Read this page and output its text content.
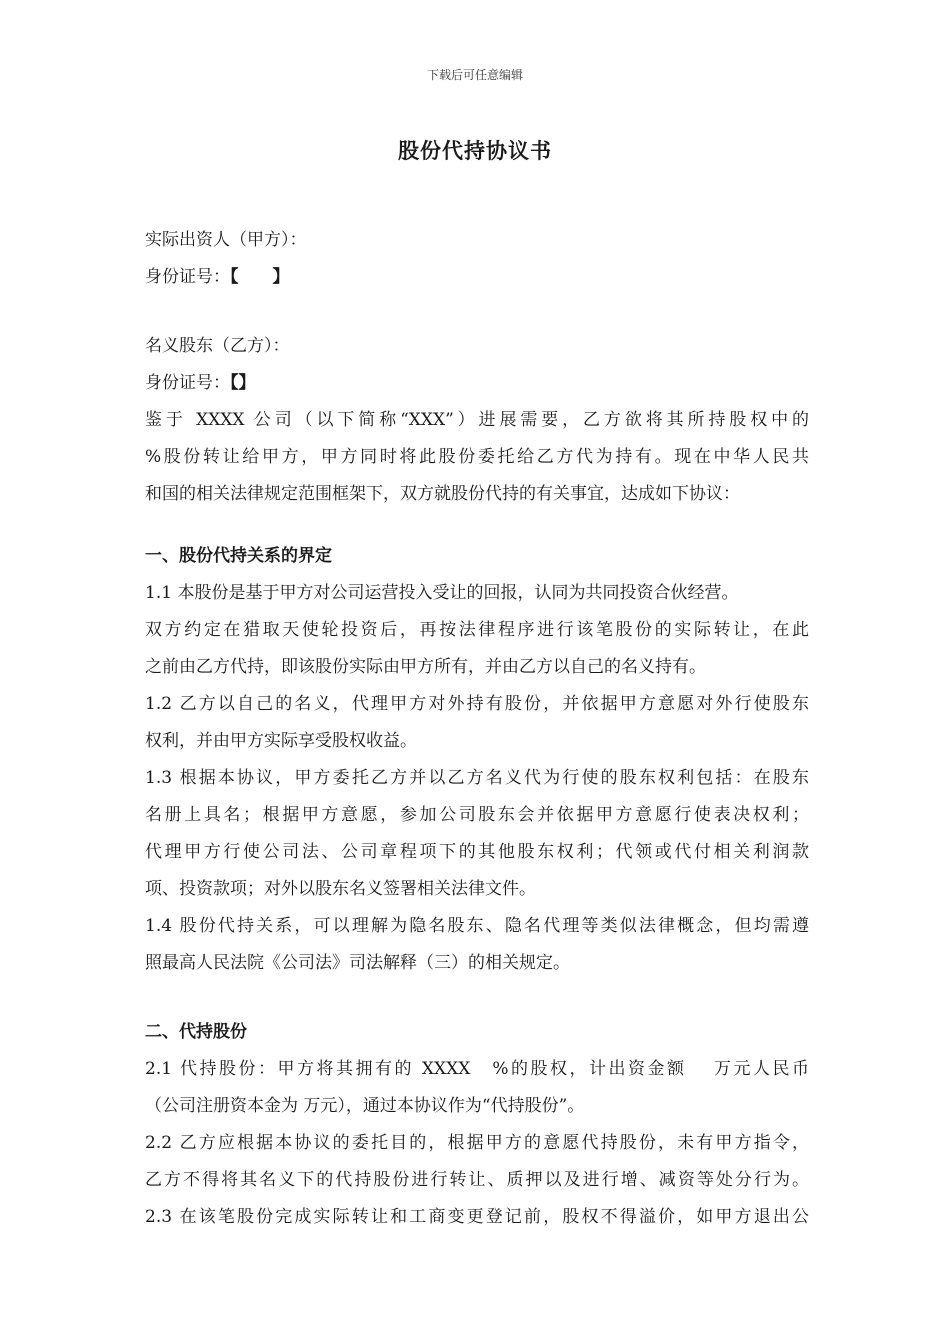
下载后可任意编辑
股份代持协议书
实际出资人（甲方）：
身份证号：【　　】
名义股东（乙方）：
身份证号：【】
鉴于 XXXX 公司（以下简称“XXX”）进展需要，乙方欲将其所持股权中的
%股份转让给甲方，甲方同时将此股份委托给乙方代为持有。现在中华人民共
和国的相关法律规定范围框架下，双方就股份代持的有关事宜，达成如下协议：
一、股份代持关系的界定
1.1 本股份是基于甲方对公司运营投入受让的回报，认同为共同投资合伙经营。
双方约定在猎取天使轮投资后，再按法律程序进行该笔股份的实际转让，在此
之前由乙方代持，即该股份实际由甲方所有，并由乙方以自己的名义持有。
1.2 乙方以自己的名义，代理甲方对外持有股份，并依据甲方意愿对外行使股东
权利，并由甲方实际享受股权收益。
1.3 根据本协议，甲方委托乙方并以乙方名义代为行使的股东权利包括：在股东
名册上具名；根据甲方意愿，参加公司股东会并依据甲方意愿行使表决权利；
代理甲方行使公司法、公司章程项下的其他股东权利；代领或代付相关利润款
项、投资款项；对外以股东名义签署相关法律文件。
1.4 股份代持关系，可以理解为隐名股东、隐名代理等类似法律概念，但均需遵
照最高人民法院《公司法》司法解释（三）的相关规定。
二、代持股份
2.1 代持股份：甲方将其拥有的 XXXX　%的股权，计出资金额　 万元人民币
（公司注册资本金为 万元），通过本协议作为“代持股份”。
2.2 乙方应根据本协议的委托目的，根据甲方的意愿代持股份，未有甲方指令，
乙方不得将其名义下的代持股份进行转让、质押以及进行增、减资等处分行为。
2.3 在该笔股份完成实际转让和工商变更登记前，股权不得溢价，如甲方退出公
